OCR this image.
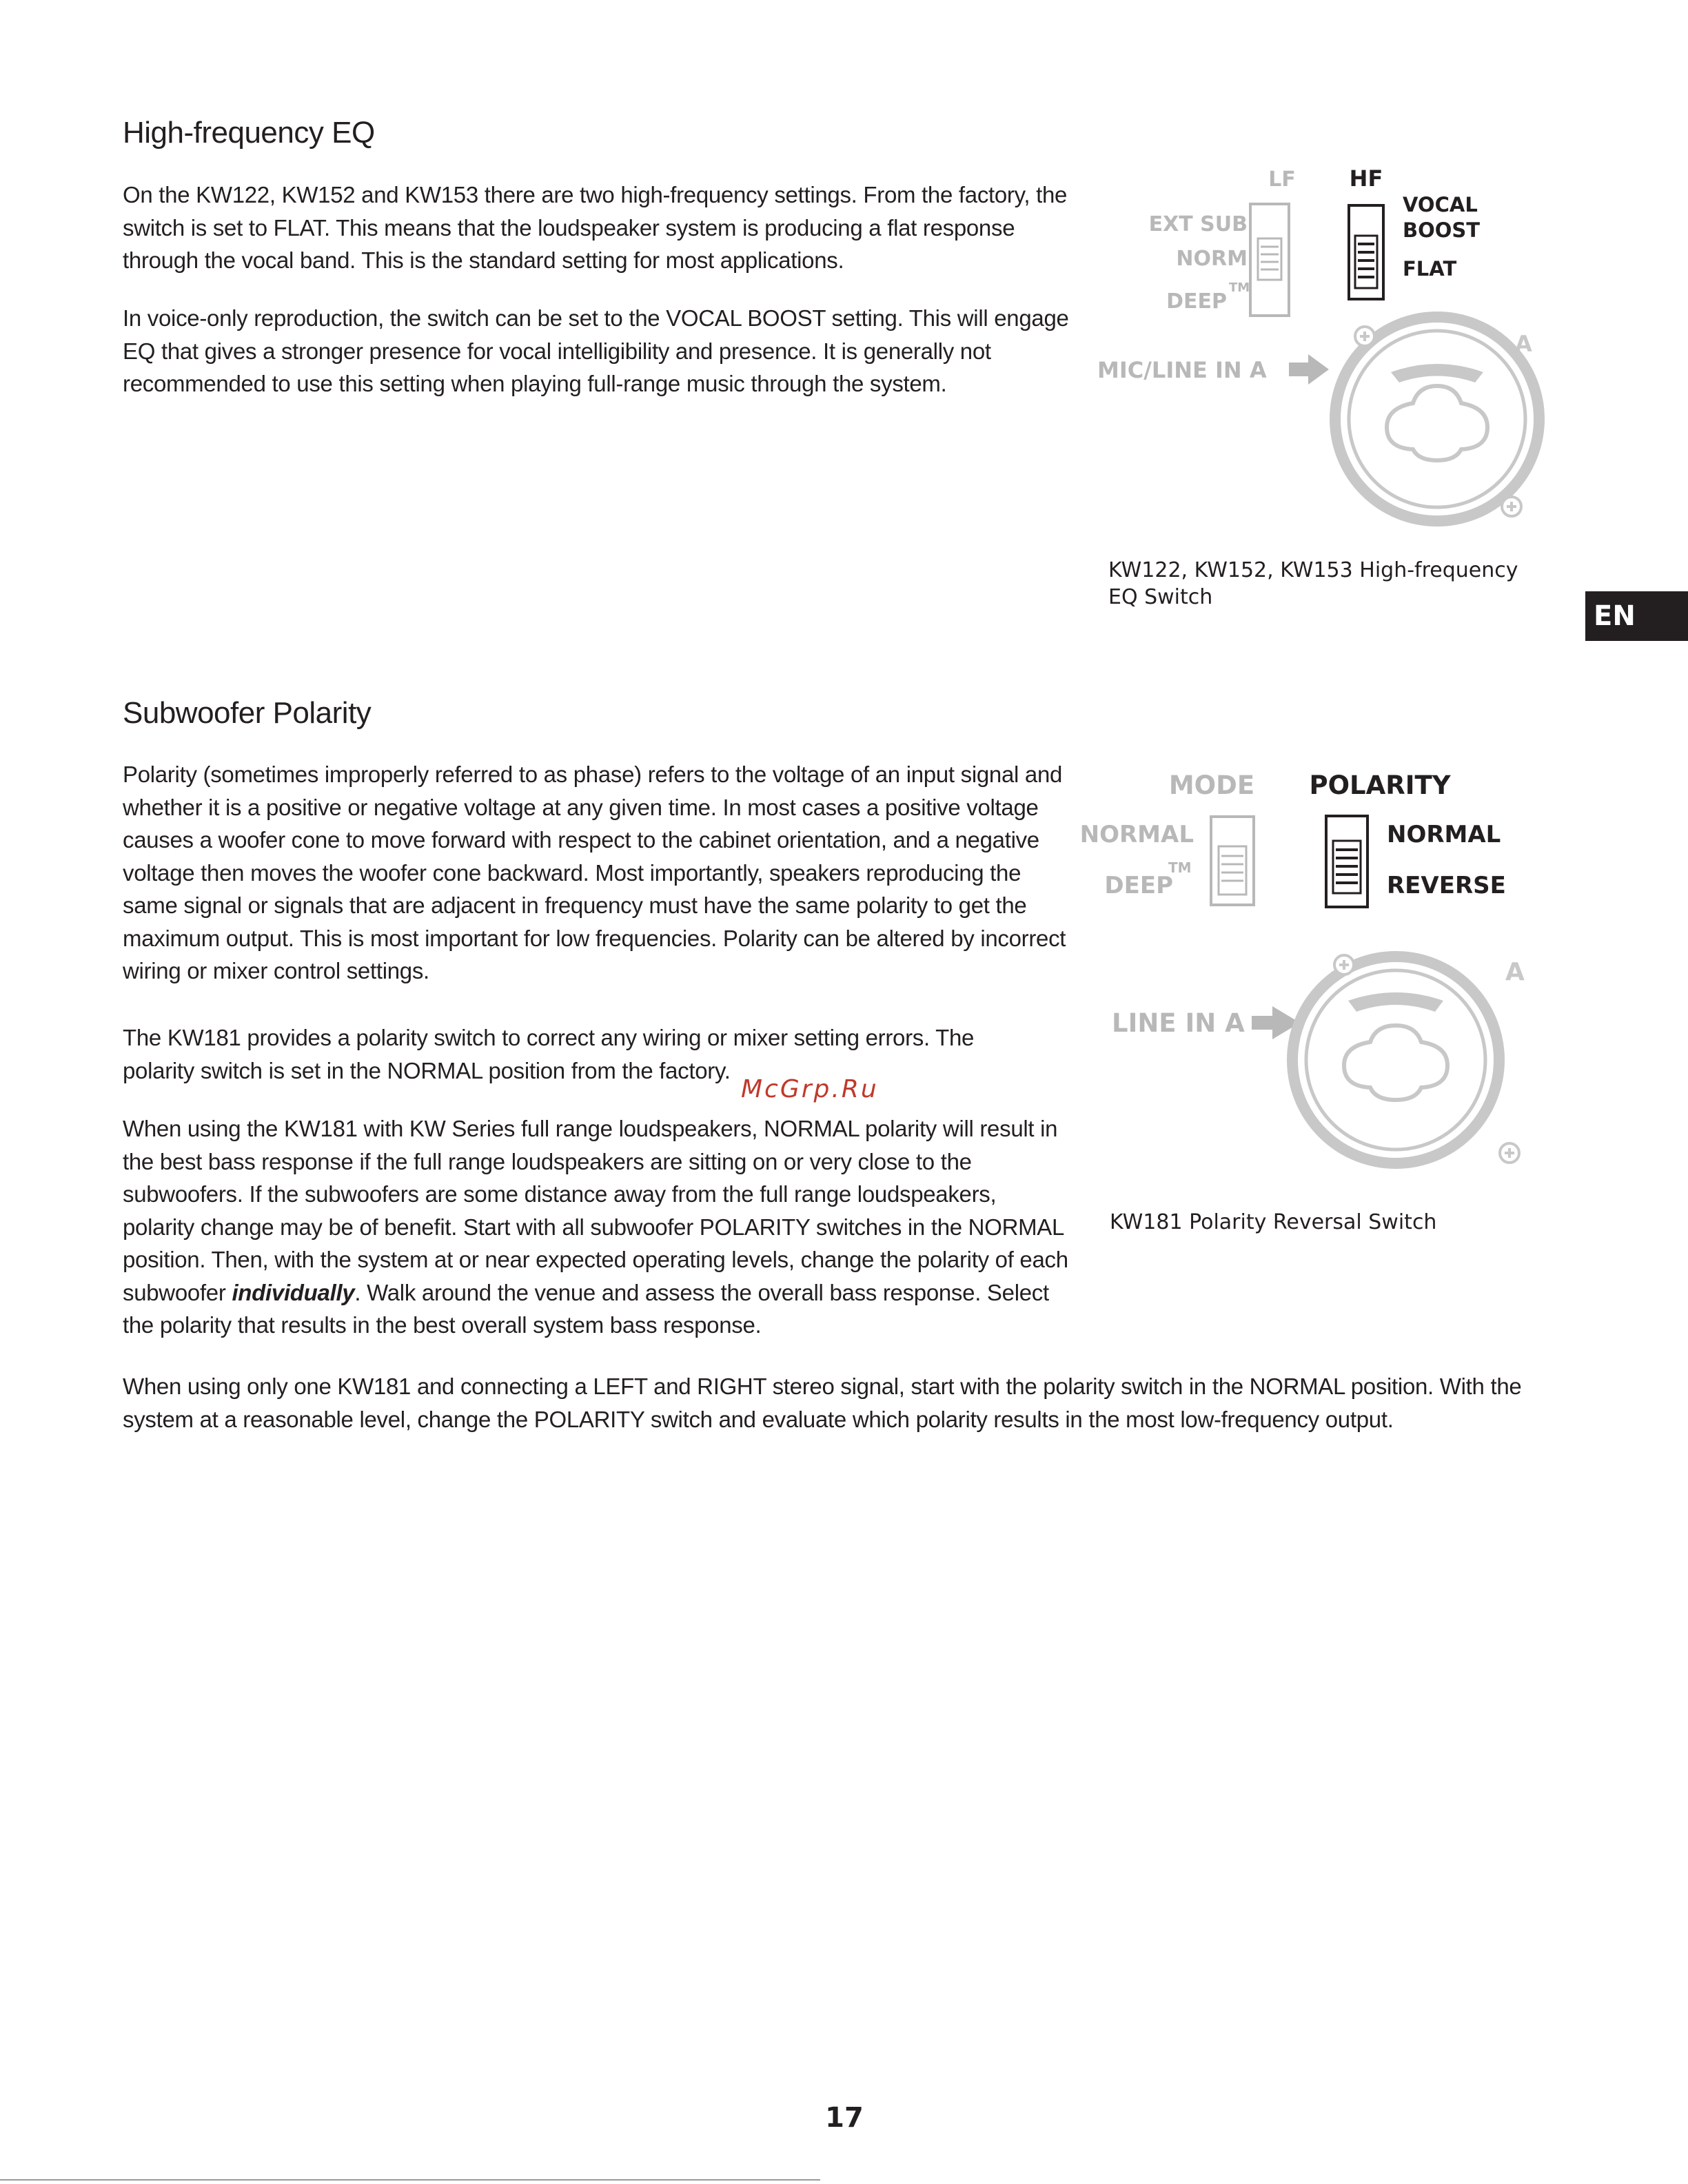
High-frequency EQ

On the KW122, KW152 and KW153 there are two high-frequency settings. From the factory, the switch is set to FLAT. This means that the loudspeaker system is producing a flat response through the vocal band. This is the standard setting for most applications.

In voice-only reproduction, the switch can be set to the VOCAL BOOST setting. This will engage EQ that gives a stronger presence for vocal intelligibility and presence. It is generally not recommended to use this setting when playing full-range music through the system.

LF
EXT SUB
NORM
DEEP
TM
HF
VOCAL
BOOST
FLAT
MIC/LINE IN A
A

KW122, KW152, KW153 High-frequency
EQ Switch

EN
Subwoofer Polarity

Polarity (sometimes improperly referred to as phase) refers to the voltage of an input signal and whether it is a positive or negative voltage at any given time. In most cases a positive voltage causes a woofer cone to move forward with respect to the cabinet orientation, and a negative voltage then moves the woofer cone backward. Most importantly, speakers reproducing the same signal or signals that are adjacent in frequency must have the same polarity to get the maximum output. This is most important for low frequencies. Polarity can be altered by incorrect wiring or mixer control settings.

The KW181 provides a polarity switch to correct any wiring or mixer setting errors. The polarity switch is set in the NORMAL position from the factory.

McGrp.Ru

When using the KW181 with KW Series full range loudspeakers, NORMAL polarity will result in the best bass response if the full range loudspeakers are sitting on or very close to the subwoofers. If the subwoofers are some distance away from the full range loudspeakers, polarity change may be of benefit. Start with all subwoofer POLARITY switches in the NORMAL position. Then, with the system at or near expected operating levels, change the polarity of each subwoofer individually. Walk around the venue and assess the overall bass response. Select the polarity that results in the best overall system bass response.

When using only one KW181 and connecting a LEFT and RIGHT stereo signal, start with the polarity switch in the NORMAL position. With the system at a reasonable level, change the POLARITY switch and evaluate which polarity results in the most low-frequency output.

MODE
NORMAL
DEEP
TM
POLARITY
NORMAL
REVERSE
LINE IN A
A

KW181 Polarity Reversal Switch

17
